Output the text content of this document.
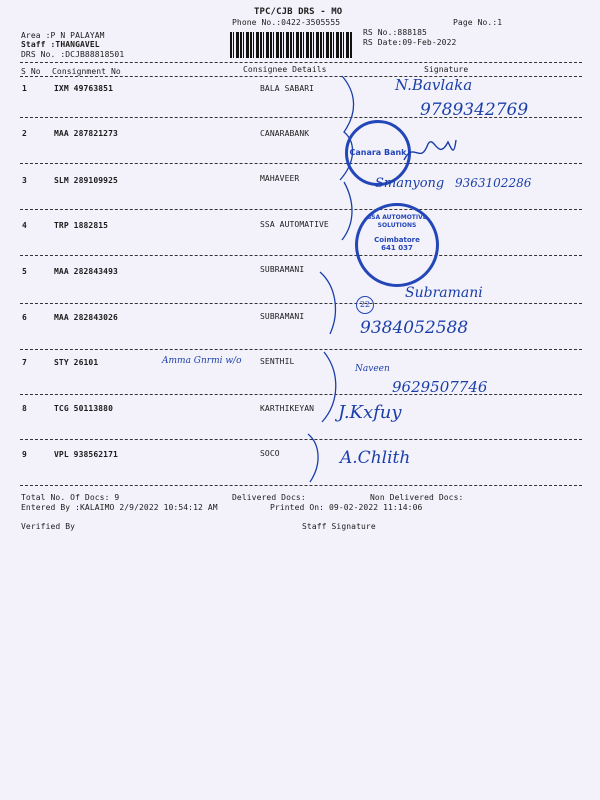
TPC/CJB DRS - MO
Phone No.:0422-3505555	Page No.:1
Area :P N PALAYAM
Staff :THANGAVEL
DRS No. :DCJB88818501
RS No.:888185
RS Date:09-Feb-2022
S No Consignment No	Consignee Details	Signature
1	IXM 49763851	BALA SABARI
2	MAA 287821273	CANARABANK
3	SLM 289109925	MAHAVEER
4	TRP 1882815	SSA AUTOMATIVE
5	MAA 282843493	SUBRAMANI
6	MAA 282843026	SUBRAMANI
7	STY 26101	SENTHIL
8	TCG 50113880	KARTHIKEYAN
9	VPL 938562171	SOCO
Total No. Of Docs: 9	Delivered Docs:	Non Delivered Docs:
Entered By :KALAIMO 2/9/2022 10:54:12 AM	Printed On: 09-02-2022 11:14:06
Verified By	Staff Signature
N.Bavlaka
9789342769
Canara Bank
Smanyong 9363102286
SSA AUTOMOTIVE SOLUTIONS
Coimbatore 641 037
22
Subramani
9384052588
Amma Gnrmi w/o
Naveen
9629507746
J.Kxfuy
A.Chlith
